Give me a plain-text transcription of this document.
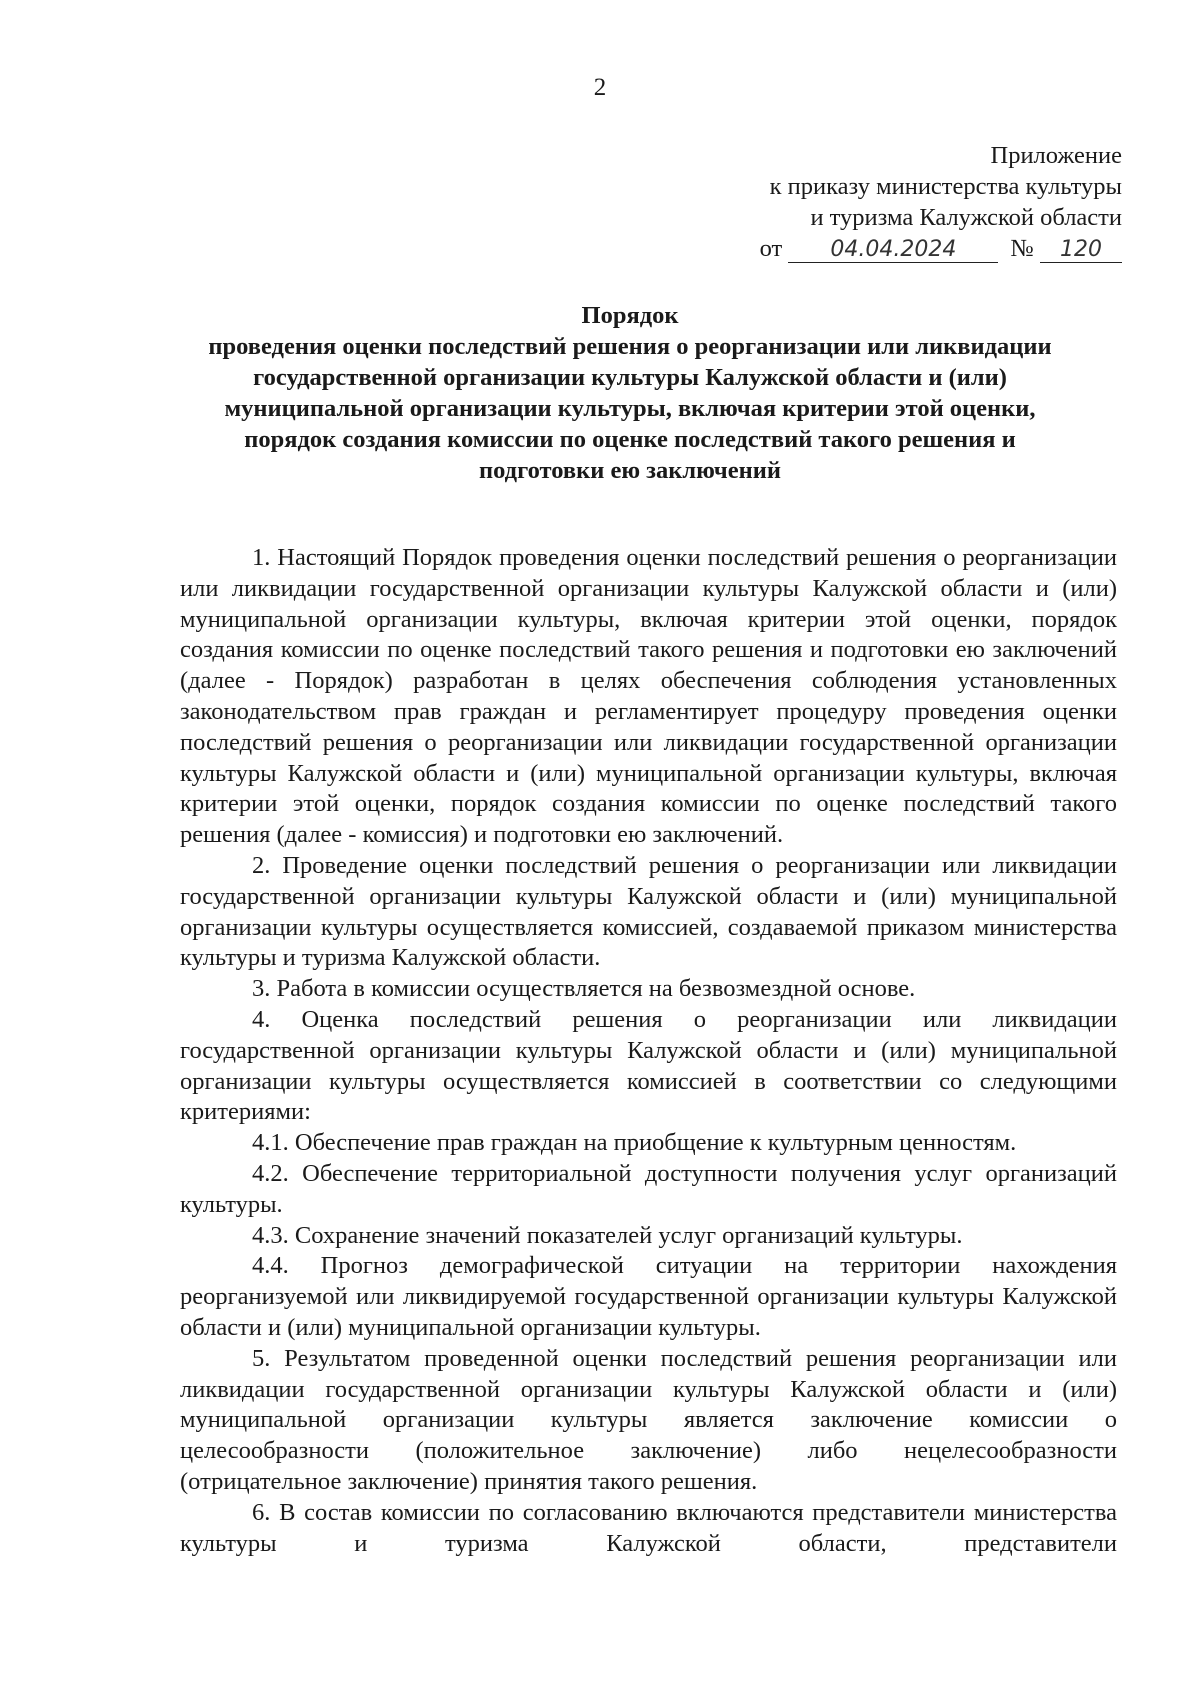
2
Приложение
к приказу министерства культуры
и туризма Калужской области
от 04.04.2024 № 120
Порядок
проведения оценки последствий решения о реорганизации или ликвидации
государственной организации культуры Калужской области и (или)
муниципальной организации культуры, включая критерии этой оценки,
порядок создания комиссии по оценке последствий такого решения и
подготовки ею заключений

1. Настоящий Порядок проведения оценки последствий решения о реорганизации или ликвидации государственной организации культуры Калужской области и (или) муниципальной организации культуры, включая критерии этой оценки, порядок создания комиссии по оценке последствий такого решения и подготовки ею заключений (далее - Порядок) разработан в целях обеспечения соблюдения установленных законодательством прав граждан и регламентирует процедуру проведения оценки последствий решения о реорганизации или ликвидации государственной организации культуры Калужской области и (или) муниципальной организации культуры, включая критерии этой оценки, порядок создания комиссии по оценке последствий такого решения (далее - комиссия) и подготовки ею заключений.

2. Проведение оценки последствий решения о реорганизации или ликвидации государственной организации культуры Калужской области и (или) муниципальной организации культуры осуществляется комиссией, создаваемой приказом министерства культуры и туризма Калужской области.

3. Работа в комиссии осуществляется на безвозмездной основе.

4. Оценка последствий решения о реорганизации или ликвидации государственной организации культуры Калужской области и (или) муниципальной организации культуры осуществляется комиссией в соответствии со следующими критериями:

4.1. Обеспечение прав граждан на приобщение к культурным ценностям.

4.2. Обеспечение территориальной доступности получения услуг организаций культуры.

4.3. Сохранение значений показателей услуг организаций культуры.

4.4. Прогноз демографической ситуации на территории нахождения реорганизуемой или ликвидируемой государственной организации культуры Калужской области и (или) муниципальной организации культуры.

5. Результатом проведенной оценки последствий решения реорганизации или ликвидации государственной организации культуры Калужской области и (или) муниципальной организации культуры является заключение комиссии о целесообразности (положительное заключение) либо нецелесообразности (отрицательное заключение) принятия такого решения.

6. В состав комиссии по согласованию включаются представители министерства культуры и туризма Калужской области, представители
